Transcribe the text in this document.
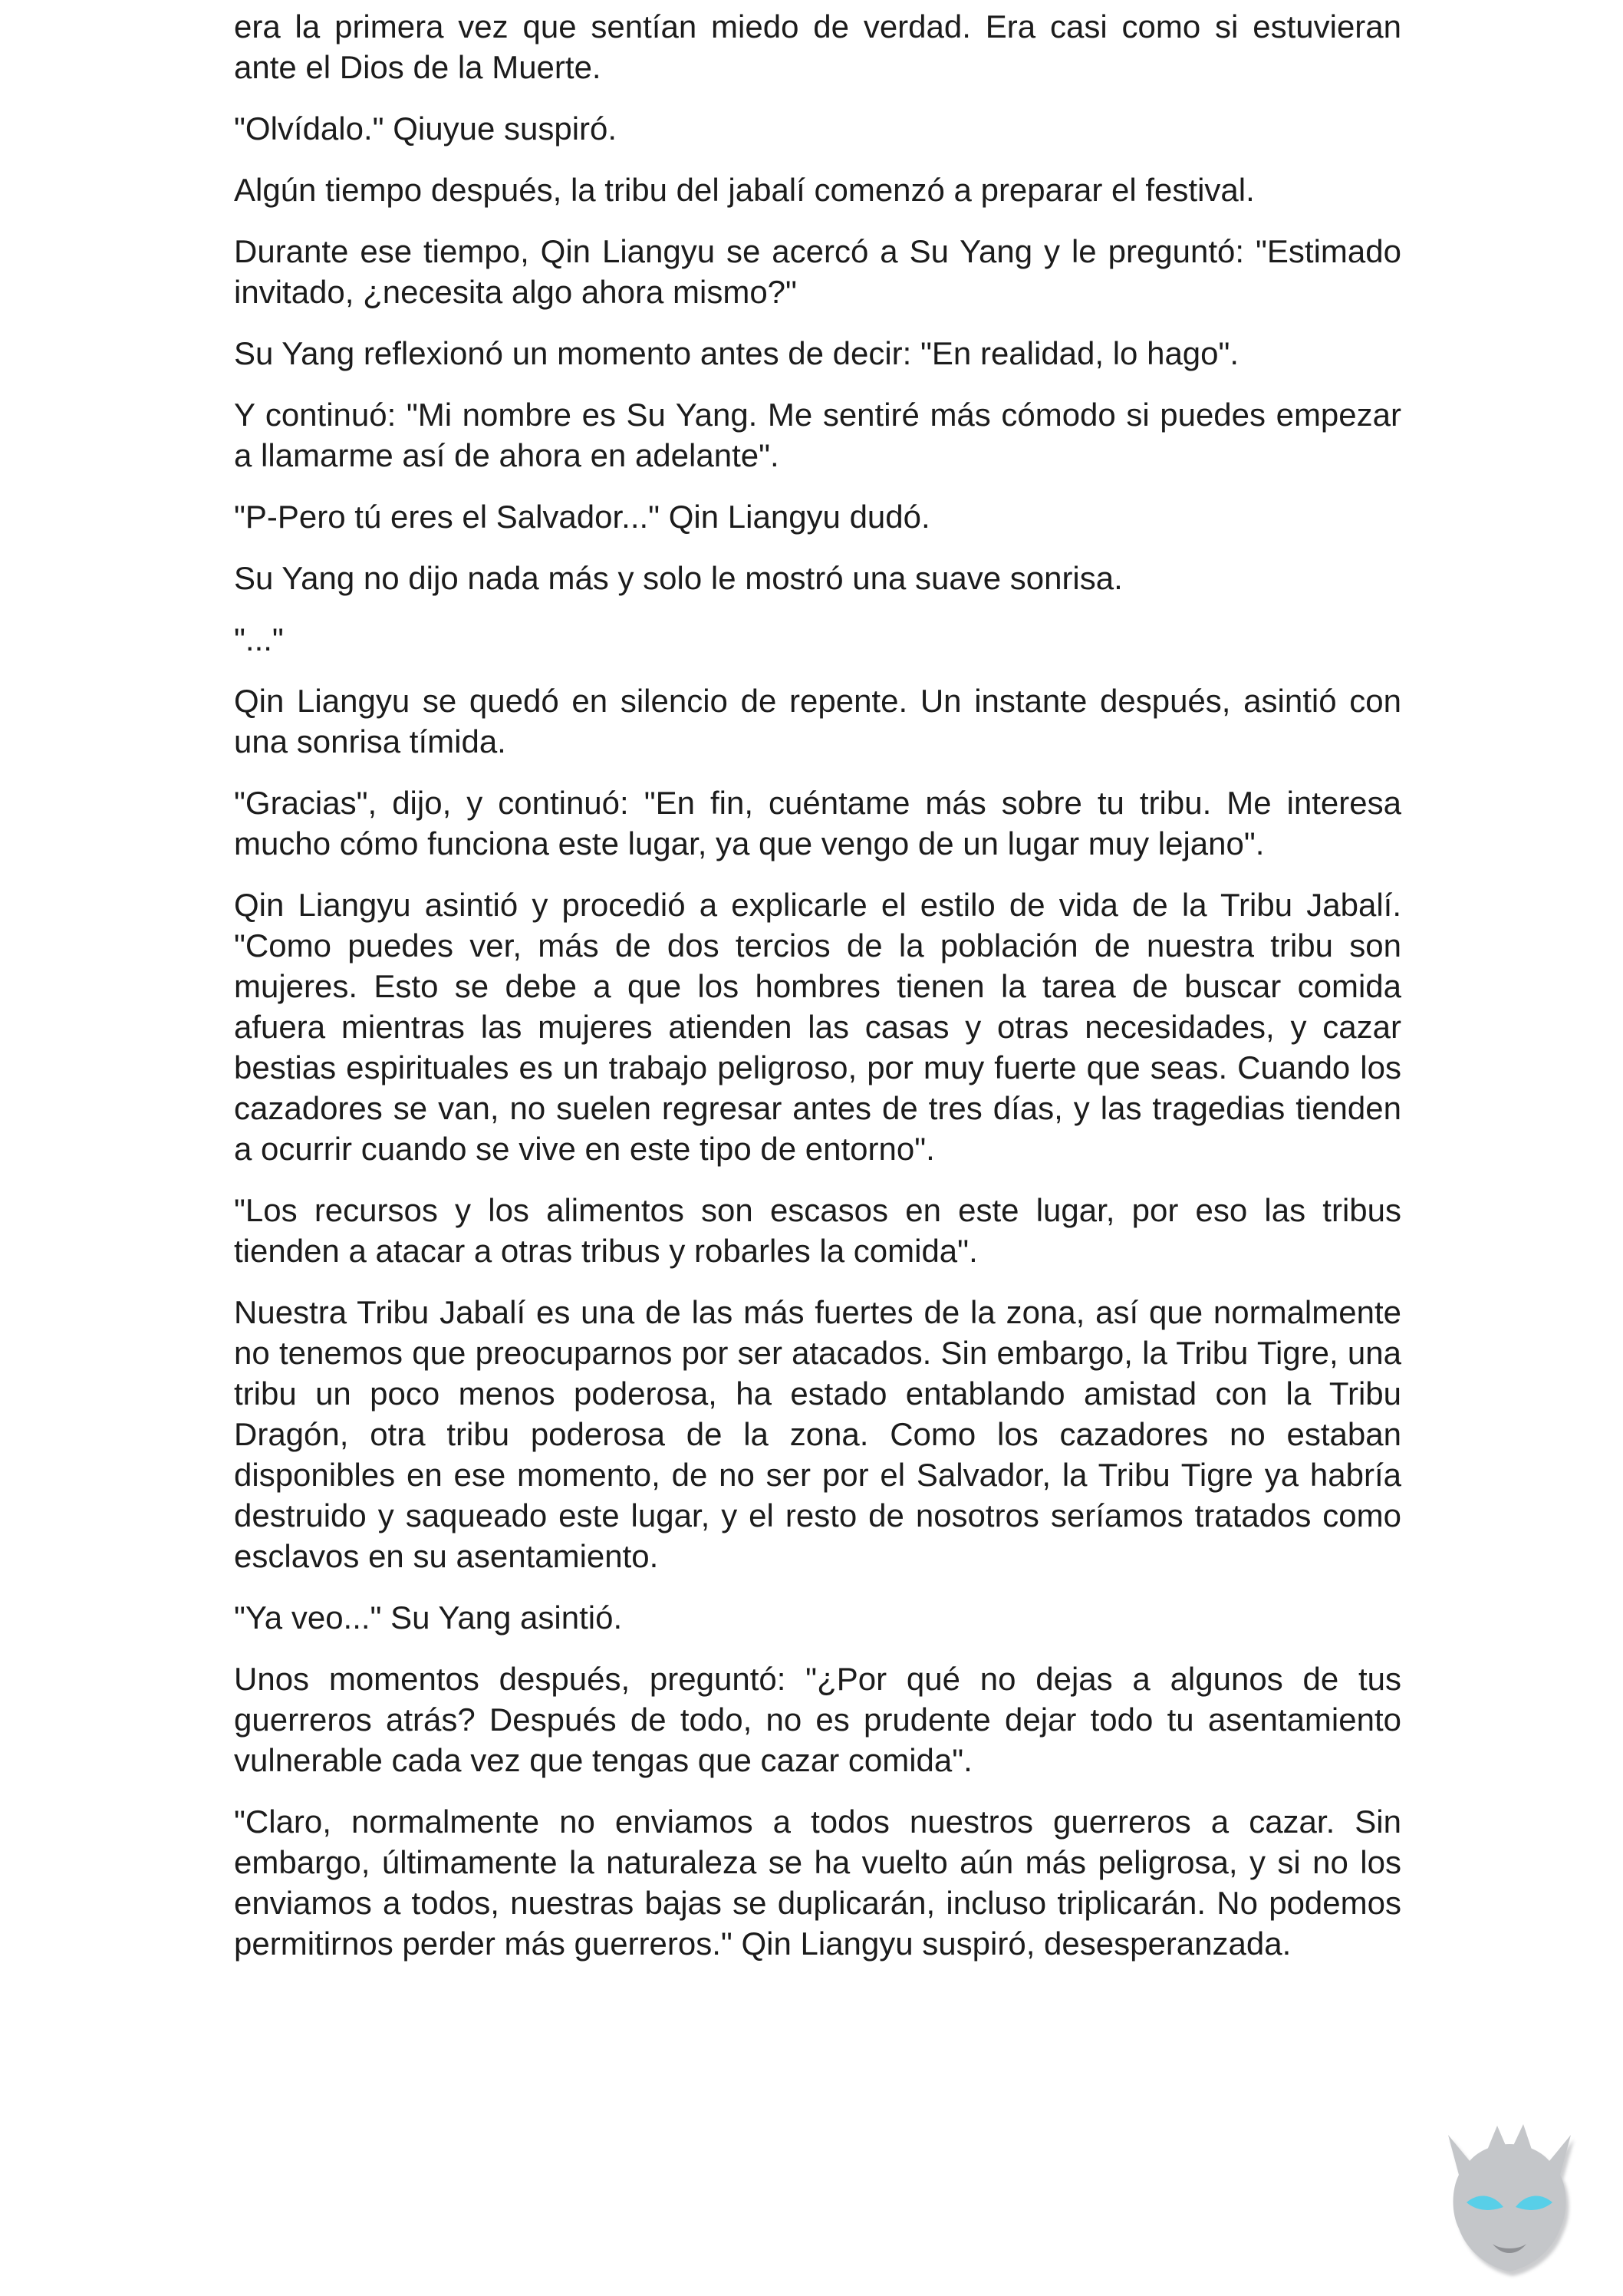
era la primera vez que sentían miedo de verdad. Era casi como si estuvieran ante el Dios de la Muerte.

"Olvídalo." Qiuyue suspiró.

Algún tiempo después, la tribu del jabalí comenzó a preparar el festival.

Durante ese tiempo, Qin Liangyu se acercó a Su Yang y le preguntó: "Estimado invitado, ¿necesita algo ahora mismo?"

Su Yang reflexionó un momento antes de decir: "En realidad, lo hago".

Y continuó: "Mi nombre es Su Yang. Me sentiré más cómodo si puedes empezar a llamarme así de ahora en adelante".

"P-Pero tú eres el Salvador..." Qin Liangyu dudó.

Su Yang no dijo nada más y solo le mostró una suave sonrisa.

"..."

Qin Liangyu se quedó en silencio de repente. Un instante después, asintió con una sonrisa tímida.

"Gracias", dijo, y continuó: "En fin, cuéntame más sobre tu tribu. Me interesa mucho cómo funciona este lugar, ya que vengo de un lugar muy lejano".

Qin Liangyu asintió y procedió a explicarle el estilo de vida de la Tribu Jabalí. "Como puedes ver, más de dos tercios de la población de nuestra tribu son mujeres. Esto se debe a que los hombres tienen la tarea de buscar comida afuera mientras las mujeres atienden las casas y otras necesidades, y cazar bestias espirituales es un trabajo peligroso, por muy fuerte que seas. Cuando los cazadores se van, no suelen regresar antes de tres días, y las tragedias tienden a ocurrir cuando se vive en este tipo de entorno".

"Los recursos y los alimentos son escasos en este lugar, por eso las tribus tienden a atacar a otras tribus y robarles la comida".

Nuestra Tribu Jabalí es una de las más fuertes de la zona, así que normalmente no tenemos que preocuparnos por ser atacados. Sin embargo, la Tribu Tigre, una tribu un poco menos poderosa, ha estado entablando amistad con la Tribu Dragón, otra tribu poderosa de la zona. Como los cazadores no estaban disponibles en ese momento, de no ser por el Salvador, la Tribu Tigre ya habría destruido y saqueado este lugar, y el resto de nosotros seríamos tratados como esclavos en su asentamiento.

"Ya veo..." Su Yang asintió.

Unos momentos después, preguntó: "¿Por qué no dejas a algunos de tus guerreros atrás? Después de todo, no es prudente dejar todo tu asentamiento vulnerable cada vez que tengas que cazar comida".

"Claro, normalmente no enviamos a todos nuestros guerreros a cazar. Sin embargo, últimamente la naturaleza se ha vuelto aún más peligrosa, y si no los enviamos a todos, nuestras bajas se duplicarán, incluso triplicarán. No podemos permitirnos perder más guerreros." Qin Liangyu suspiró, desesperanzada.
